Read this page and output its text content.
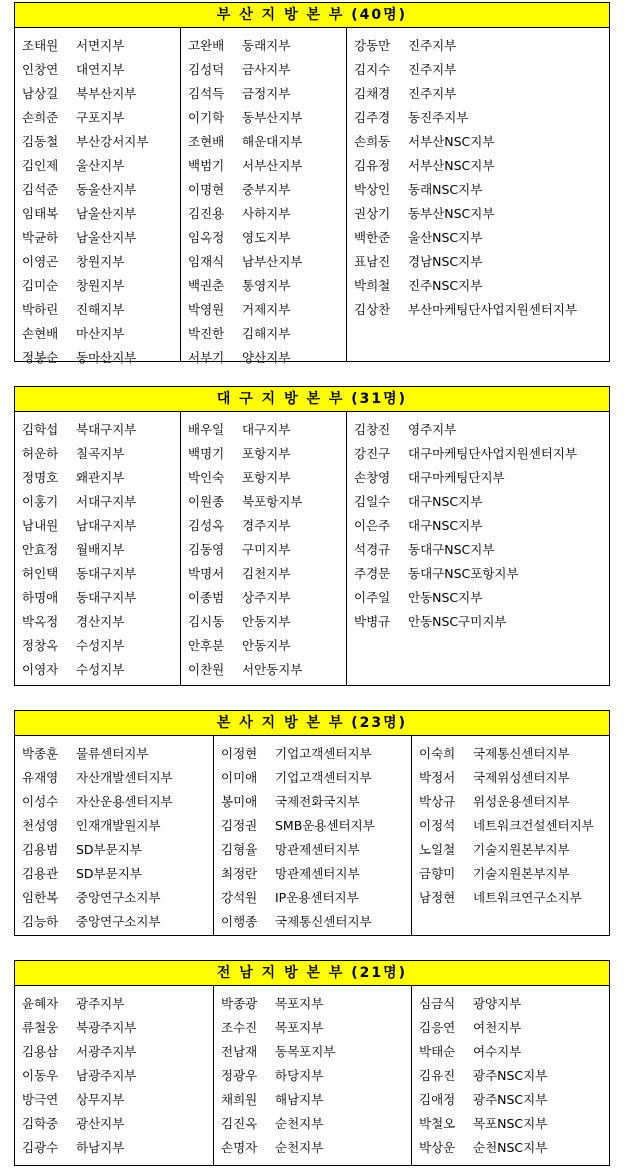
부 산 지 방 본 부 (40명)
조태원 서면지부
인창연 대연지부
남상길 북부산지부
손희준 구포지부
김동철 부산강서지부
김인제 울산지부
김석준 동울산지부
임태복 남울산지부
박균하 남울산지부
이영곤 창원지부
김미순 창원지부
박하린 진해지부
손현배 마산지부
정봉순 동마산지부
고완배 동래지부
김성덕 금사지부
김석득 금정지부
이기학 동부산지부
조현배 해운대지부
백범기 서부산지부
이명현 중부지부
김진용 사하지부
임옥정 영도지부
임재식 남부산지부
백권춘 통영지부
박영원 거제지부
박진한 김해지부
서부기 양산지부
강동만 진주지부
김지수 진주지부
김채경 진주지부
김주경 동진주지부
손희동 서부산NSC지부
김유정 서부산NSC지부
박상인 동래NSC지부
권상기 동부산NSC지부
백한준 울산NSC지부
표남진 경남NSC지부
박희철 진주NSC지부
김상찬 부산마케팅단사업지원센터지부
대 구 지 방 본 부 (31명)
김학섭 북대구지부
허운하 칠곡지부
정명호 왜관지부
이홍기 서대구지부
남내원 남대구지부
안효정 월배지부
허인택 동대구지부
하명애 동대구지부
박옥정 경산지부
정창옥 수성지부
이영자 수성지부
배우일 대구지부
백명기 포항지부
박인숙 포항지부
이원종 북포항지부
김성옥 경주지부
김동영 구미지부
박명서 김천지부
이종범 상주지부
김시동 안동지부
안후분 안동지부
이찬원 서안동지부
김창진 영주지부
강진구 대구마케팅단사업지원센터지부
손창영 대구마케팅단지부
김일수 대구NSC지부
이은주 대구NSC지부
석경규 동대구NSC지부
주경문 동대구NSC포항지부
이주일 안동NSC지부
박병규 안동NSC구미지부
본 사 지 방 본 부 (23명)
박종훈 물류센터지부
유재영 자산개발센터지부
이성수 자산운용센터지부
천성영 인재개발원지부
김용범 SD부문지부
김용관 SD부문지부
임한복 중앙연구소지부
김능하 중앙연구소지부
이정현 기업고객센터지부
이미애 기업고객센터지부
봉미애 국제전화국지부
김정권 SMB운용센터지부
김형율 망관제센터지부
최정란 망관제센터지부
강석원 IP운용센터지부
이행종 국제통신센터지부
이숙희 국제통신센터지부
박정서 국제위성센터지부
박상규 위성운용센터지부
이정석 네트워크건설센터지부
노일철 기술지원본부지부
금향미 기술지원본부지부
남정현 네트워크연구소지부
전 남 지 방 본 부 (21명)
윤혜자 광주지부
류철웅 북광주지부
김용삼 서광주지부
이동우 남광주지부
방극연 상무지부
김학중 광산지부
김광수 하남지부
박종광 목포지부
조수진 목포지부
전남재 동목포지부
정광우 하당지부
채희원 해남지부
김진옥 순천지부
손명자 순천지부
심금식 광양지부
김응연 여천지부
박태순 여수지부
김유진 광주NSC지부
김애정 광주NSC지부
박철오 목포NSC지부
박상운 순천NSC지부
